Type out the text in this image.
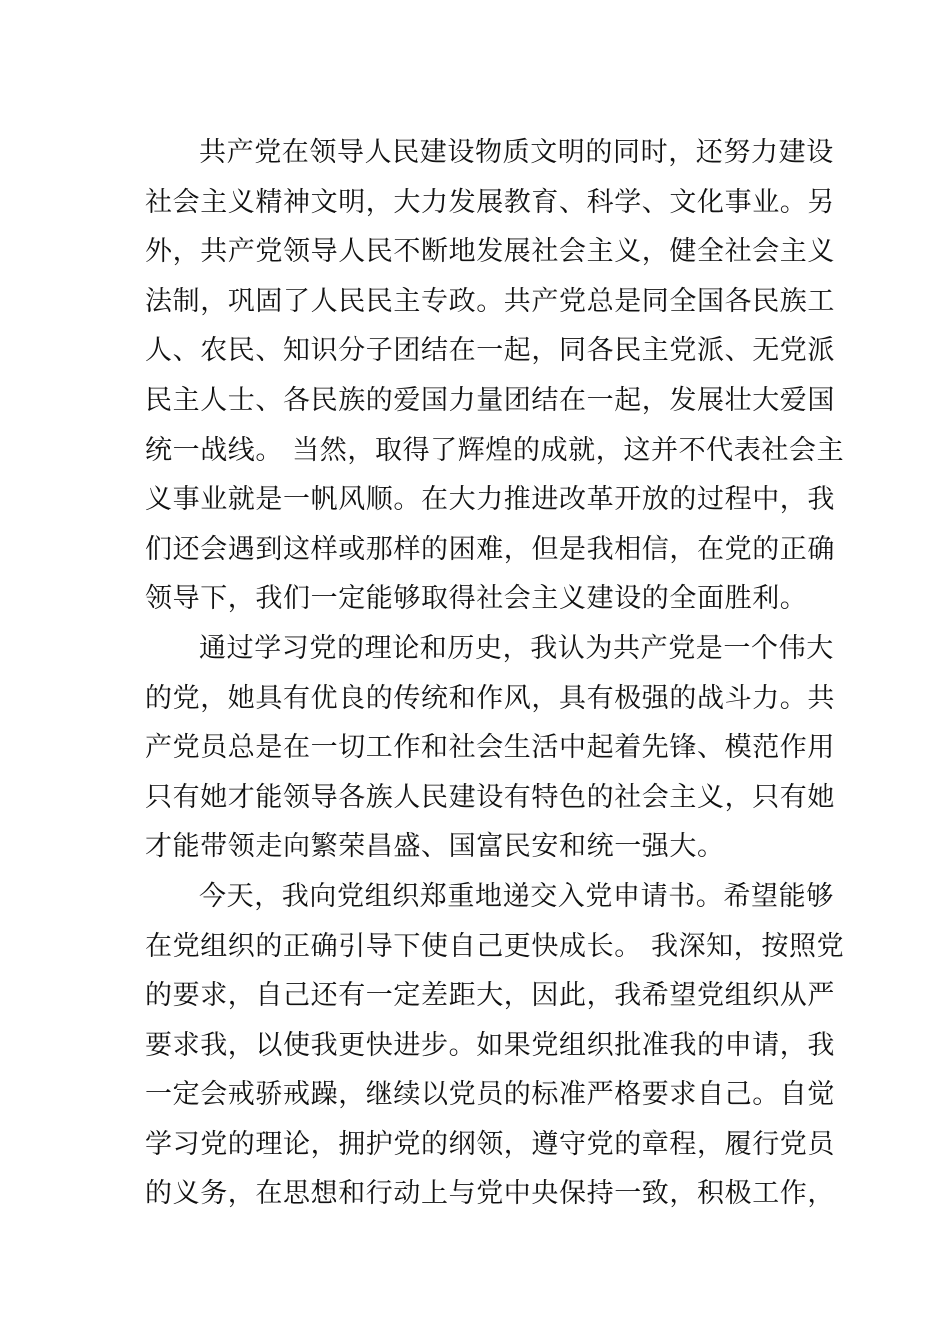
共产党在领导人民建设物质文明的同时，还努力建设
社会主义精神文明，大力发展教育、科学、文化事业。另
外，共产党领导人民不断地发展社会主义，健全社会主义
法制，巩固了人民民主专政。共产党总是同全国各民族工
人、农民、知识分子团结在一起，同各民主党派、无党派
民主人士、各民族的爱国力量团结在一起，发展壮大爱国
统一战线。 当然，取得了辉煌的成就，这并不代表社会主
义事业就是一帆风顺。在大力推进改革开放的过程中，我
们还会遇到这样或那样的困难，但是我相信，在党的正确
领导下，我们一定能够取得社会主义建设的全面胜利。

通过学习党的理论和历史，我认为共产党是一个伟大
的党，她具有优良的传统和作风，具有极强的战斗力。共
产党员总是在一切工作和社会生活中起着先锋、模范作用
只有她才能领导各族人民建设有特色的社会主义，只有她
才能带领走向繁荣昌盛、国富民安和统一强大。

今天，我向党组织郑重地递交入党申请书。希望能够
在党组织的正确引导下使自己更快成长。 我深知，按照党
的要求，自己还有一定差距大，因此，我希望党组织从严
要求我，以使我更快进步。如果党组织批准我的申请，我
一定会戒骄戒躁，继续以党员的标准严格要求自己。自觉
学习党的理论，拥护党的纲领，遵守党的章程，履行党员
的义务，在思想和行动上与党中央保持一致，积极工作，
